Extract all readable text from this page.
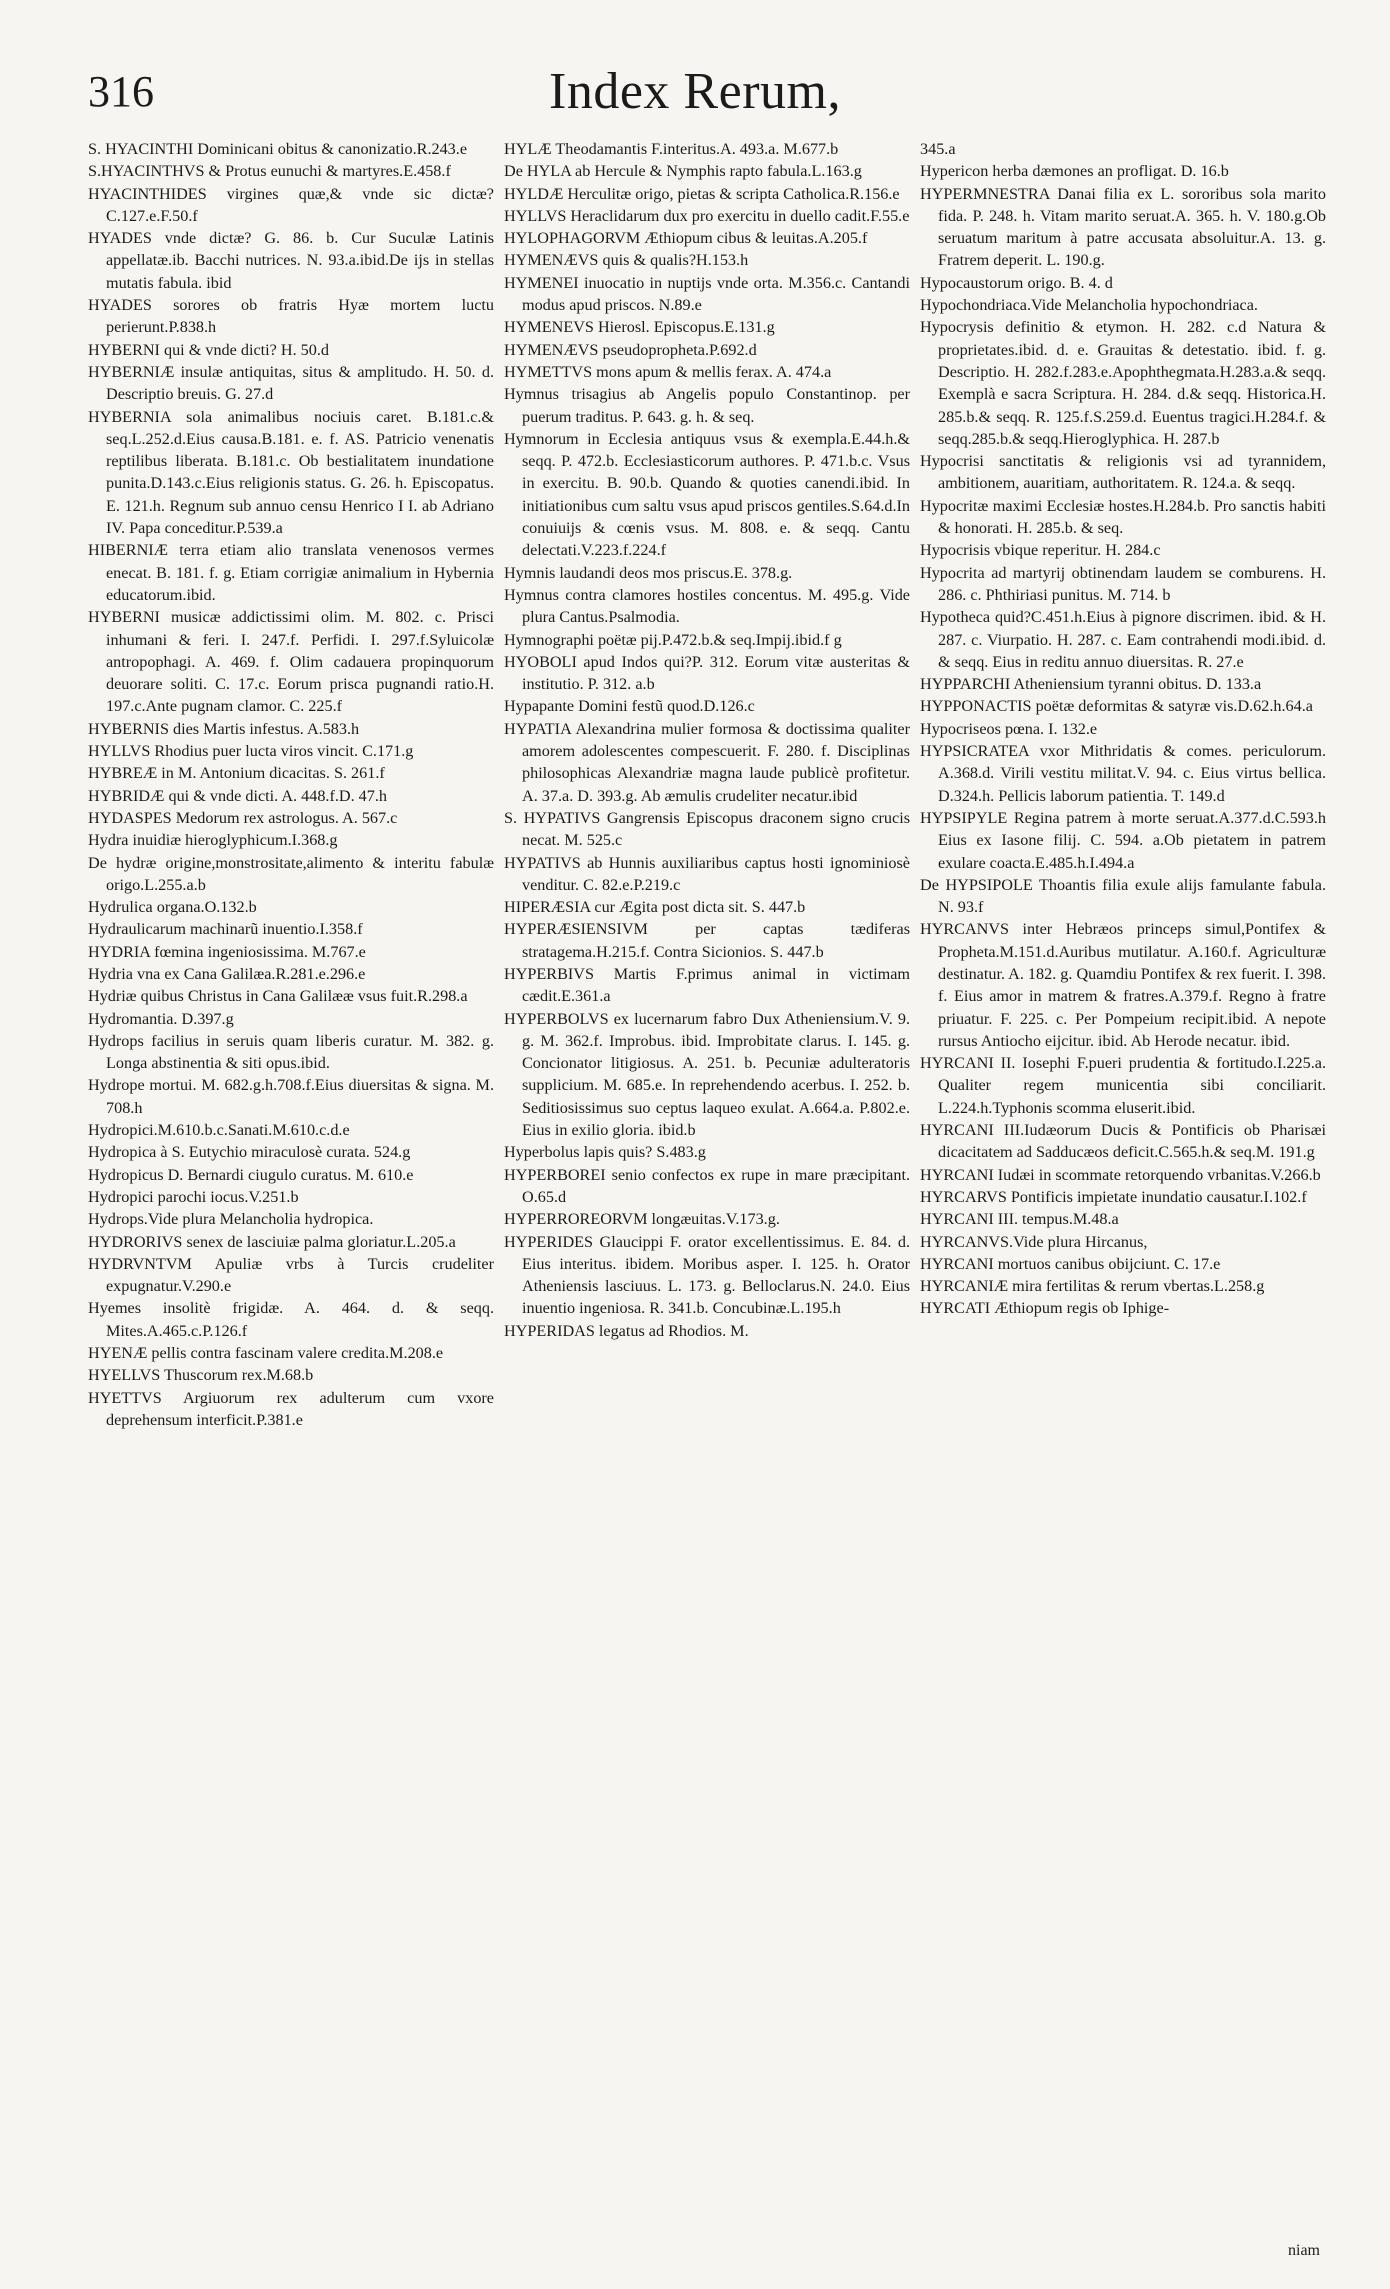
316	Index Rerum,
S. HYACINTHI Dominicani obitus & canonizatio.R.243.e
S.HYACINTHVS & Protus eunuchi & martyres.E.458.f
HYACINTHIDES virgines quæ,& vnde sic dictæ?C.127.e.F.50.f
HYADES vnde dictæ? G. 86. b. Cur Suculæ Latinis appellatæ.ib. Bacchi nutrices. N. 93.a.ibid.De ijs in stellas mutatis fabula. ibid
HYADES sorores ob fratris Hyæ mortem luctu perierunt.P.838.h
HYBERNI qui & vnde dicti? H. 50.d
HYBERNIÆ insulæ antiquitas, situs & amplitudo. H. 50. d. Descriptio breuis. G. 27.d
HYBERNIA sola animalibus nociuis caret. B.181.c.& seq.L.252.d.Eius causa.B.181. e. f. AS. Patricio venenatis reptilibus liberata. B.181.c. Ob bestialitatem inundatione punita.D.143.c.Eius religionis status. G. 26. h. Episcopatus. E. 121.h. Regnum sub annuo censu Henrico I I. ab Adriano IV. Papa conceditur.P.539.a
HIBERNIÆ terra etiam alio translata venenosos vermes enecat. B. 181. f. g. Etiam corrigiæ animalium in Hybernia educatorum.ibid.
HYBERNI musicæ addictissimi olim. M. 802. c. Prisci inhumani & feri. I. 247.f. Perfidi. I. 297.f.Syluicolæ antropophagi. A. 469. f. Olim cadauera propinquorum deuorare soliti. C. 17.c. Eorum prisca pugnandi ratio.H. 197.c.Ante pugnam clamor. C. 225.f
HYBERNIS dies Martis infestus. A.583.h
HYLLVS Rhodius puer lucta viros vincit. C.171.g
HYBREÆ in M. Antonium dicacitas. S. 261.f
HYBRIDÆ qui & vnde dicti. A. 448.f.D. 47.h
HYDASPES Medorum rex astrologus. A. 567.c
Hydra inuidiæ hieroglyphicum.I.368.g
De hydræ origine,monstrositate,alimento & interitu fabulæ origo.L.255.a.b
Hydrulica organa.O.132.b
Hydraulicarum machinarũ inuentio.I.358.f
HYDRIA fœmina ingeniosissima. M.767.e
Hydria vna ex Cana Galilæa.R.281.e.296.e
Hydriæ quibus Christus in Cana Galilææ vsus fuit.R.298.a
Hydromantia. D.397.g
Hydrops facilius in seruis quam liberis curatur. M. 382. g. Longa abstinentia & siti opus.ibid.
Hydrope mortui. M. 682.g.h.708.f.Eius diuersitas & signa. M. 708.h
Hydropici.M.610.b.c.Sanati.M.610.c.d.e
Hydropica à S. Eutychio miraculosè curata. 524.g
Hydropicus D. Bernardi ciugulo curatus. M. 610.e
Hydropici parochi iocus.V.251.b
Hydrops.Vide plura Melancholia hydropica.
HYDRORIVS senex de lasciuiæ palma gloriatur.L.205.a
HYDRVNTVM Apuliæ vrbs à Turcis crudeliter expugnatur.V.290.e
Hyemes insolitè frigidæ. A. 464. d. & seqq. Mites.A.465.c.P.126.f
HYENÆ pellis contra fascinam valere credita.M.208.e
HYELLVS Thuscorum rex.M.68.b
HYETTVS Argiuorum rex adulterum cum vxore deprehensum interficit.P.381.e
HYLÆ Theodamantis F.interitus.A. 493.a. M.677.b
De HYLA ab Hercule & Nymphis rapto fabula.L.163.g
HYLDÆ Herculitæ origo, pietas & scripta Catholica.R.156.e
HYLLVS Heraclidarum dux pro exercitu in duello cadit.F.55.e
HYLOPHAGORVM Æthiopum cibus & leuitas.A.205.f
HYMENÆVS quis & qualis?H.153.h
HYMENEI inuocatio in nuptijs vnde orta. M.356.c. Cantandi modus apud priscos. N.89.e
HYMENEVS Hierosl. Episcopus.E.131.g
HYMENÆVS pseudopropheta.P.692.d
HYMETTVS mons apum & mellis ferax. A. 474.a
Hymnus trisagius ab Angelis populo Constantinop. per puerum traditus. P. 643. g. h. & seq.
Hymnorum in Ecclesia antiquus vsus & exempla.E.44.h.& seqq. P. 472.b. Ecclesiasticorum authores. P. 471.b.c. Vsus in exercitu. B. 90.b. Quando & quoties canendi.ibid. In initiationibus cum saltu vsus apud priscos gentiles.S.64.d.In conuiuijs & cœnis vsus. M. 808. e. & seqq. Cantu delectati.V.223.f.224.f
Hymnis laudandi deos mos priscus.E. 378.g.
Hymnus contra clamores hostiles concentus. M. 495.g. Vide plura Cantus.Psalmodia.
Hymnographi poëtæ pij.P.472.b.& seq.Impij.ibid.f g
HYOBOLI apud Indos qui?P. 312. Eorum vitæ austeritas & institutio. P. 312. a.b
Hypapante Domini festũ quod.D.126.c
HYPATIA Alexandrina mulier formosa & doctissima qualiter amorem adolescentes compescuerit. F. 280. f. Disciplinas philosophicas Alexandriæ magna laude publicè profitetur. A. 37.a. D. 393.g. Ab æmulis crudeliter necatur.ibid
S. HYPATIVS Gangrensis Episcopus draconem signo crucis necat. M. 525.c
HYPATIVS ab Hunnis auxiliaribus captus hosti ignominiosè venditur. C. 82.e.P.219.c
HIPERÆSIA cur Ægita post dicta sit. S. 447.b
HYPERÆSIENSIVM per captas tædiferas stratagema.H.215.f. Contra Sicionios. S. 447.b
HYPERBIVS Martis F.primus animal in victimam cædit.E.361.a
HYPERBOLVS ex lucernarum fabro Dux Atheniensium.V. 9. g. M. 362.f. Improbus. ibid. Improbitate clarus. I. 145. g. Concionator litigiosus. A. 251. b. Pecuniæ adulteratoris supplicium. M. 685.e. In reprehendendo acerbus. I. 252. b. Seditiosissimus suo ceptus laqueo exulat. A.664.a. P.802.e. Eius in exilio gloria. ibid.b
Hyperbolus lapis quis? S.483.g
HYPERBOREI senio confectos ex rupe in mare præcipitant. O.65.d
HYPERROREORVM longæuitas.V.173.g.
HYPERIDES Glaucippi F. orator excellentissimus. E. 84. d. Eius interitus. ibidem. Moribus asper. I. 125. h. Orator Atheniensis lasciuus. L. 173. g. Belloclarus.N. 24.0. Eius inuentio ingeniosa. R. 341.b. Concubinæ.L.195.h
HYPERIDAS legatus ad Rhodios. M.
345.a
Hypericon herba dæmones an profligat. D. 16.b
HYPERMNESTRA Danai filia ex L. sororibus sola marito fida. P. 248. h. Vitam marito seruat.A. 365. h. V. 180.g.Ob seruatum maritum à patre accusata absoluitur.A. 13. g. Fratrem deperit. L. 190.g.
Hypocaustorum origo. B. 4. d
Hypochondriaca.Vide Melancholia hypochondriaca.
Hypocrysis definitio & etymon. H. 282. c.d Natura & proprietates.ibid. d. e. Grauitas & detestatio. ibid. f. g. Descriptio. H. 282.f.283.e.Apophthegmata.H.283.a.& seqq. Exemplà e sacra Scriptura. H. 284. d.& seqq. Historica.H. 285.b.& seqq. R. 125.f.S.259.d. Euentus tragici.H.284.f. & seqq.285.b.& seqq.Hieroglyphica. H. 287.b
Hypocrisi sanctitatis & religionis vsi ad tyrannidem, ambitionem, auaritiam, authoritatem. R. 124.a. & seqq.
Hypocritæ maximi Ecclesiæ hostes.H.284.b. Pro sanctis habiti & honorati. H. 285.b. & seq.
Hypocrisis vbique reperitur. H. 284.c
Hypocrita ad martyrij obtinendam laudem se comburens. H. 286. c. Phthiriasi punitus. M. 714. b
Hypotheca quid?C.451.h.Eius à pignore discrimen. ibid. & H. 287. c. Viurpatio. H. 287. c. Eam contrahendi modi.ibid. d. & seqq. Eius in reditu annuo diuersitas. R. 27.e
HYPPARCHI Atheniensium tyranni obitus. D. 133.a
HYPPONACTIS poëtæ deformitas & satyræ vis.D.62.h.64.a
Hypocriseos pœna. I. 132.e
HYPSICRATEA vxor Mithridatis & comes. periculorum. A.368.d. Virili vestitu militat.V. 94. c. Eius virtus bellica. D.324.h. Pellicis laborum patientia. T. 149.d
HYPSIPYLE Regina patrem à morte seruat.A.377.d.C.593.h Eius ex Iasone filij. C. 594. a.Ob pietatem in patrem exulare coacta.E.485.h.I.494.a
De HYPSIPOLE Thoantis filia exule alijs famulante fabula. N. 93.f
HYRCANVS inter Hebræos princeps simul,Pontifex & Propheta.M.151.d.Auribus mutilatur. A.160.f. Agriculturæ destinatur. A. 182. g. Quamdiu Pontifex & rex fuerit. I. 398. f. Eius amor in matrem & fratres.A.379.f. Regno à fratre priuatur. F. 225. c. Per Pompeium recipit.ibid. A nepote rursus Antiocho eijcitur. ibid. Ab Herode necatur. ibid.
HYRCANI II. Iosephi F.pueri prudentia & fortitudo.I.225.a. Qualiter regem municentia sibi conciliarit. L.224.h.Typhonis scomma eluserit.ibid.
HYRCANI III.Iudæorum Ducis & Pontificis ob Pharisæi dicacitatem ad Sadducæos deficit.C.565.h.& seq.M. 191.g
HYRCANI Iudæi in scommate retorquendo vrbanitas.V.266.b
HYRCARVS Pontificis impietate inundatio causatur.I.102.f
HYRCANI III. tempus.M.48.a
HYRCANVS.Vide plura Hircanus,
HYRCANI mortuos canibus obijciunt. C. 17.e
HYRCANIÆ mira fertilitas & rerum vbertas.L.258.g
HYRCATI Æthiopum regis ob Iphige-
niam
